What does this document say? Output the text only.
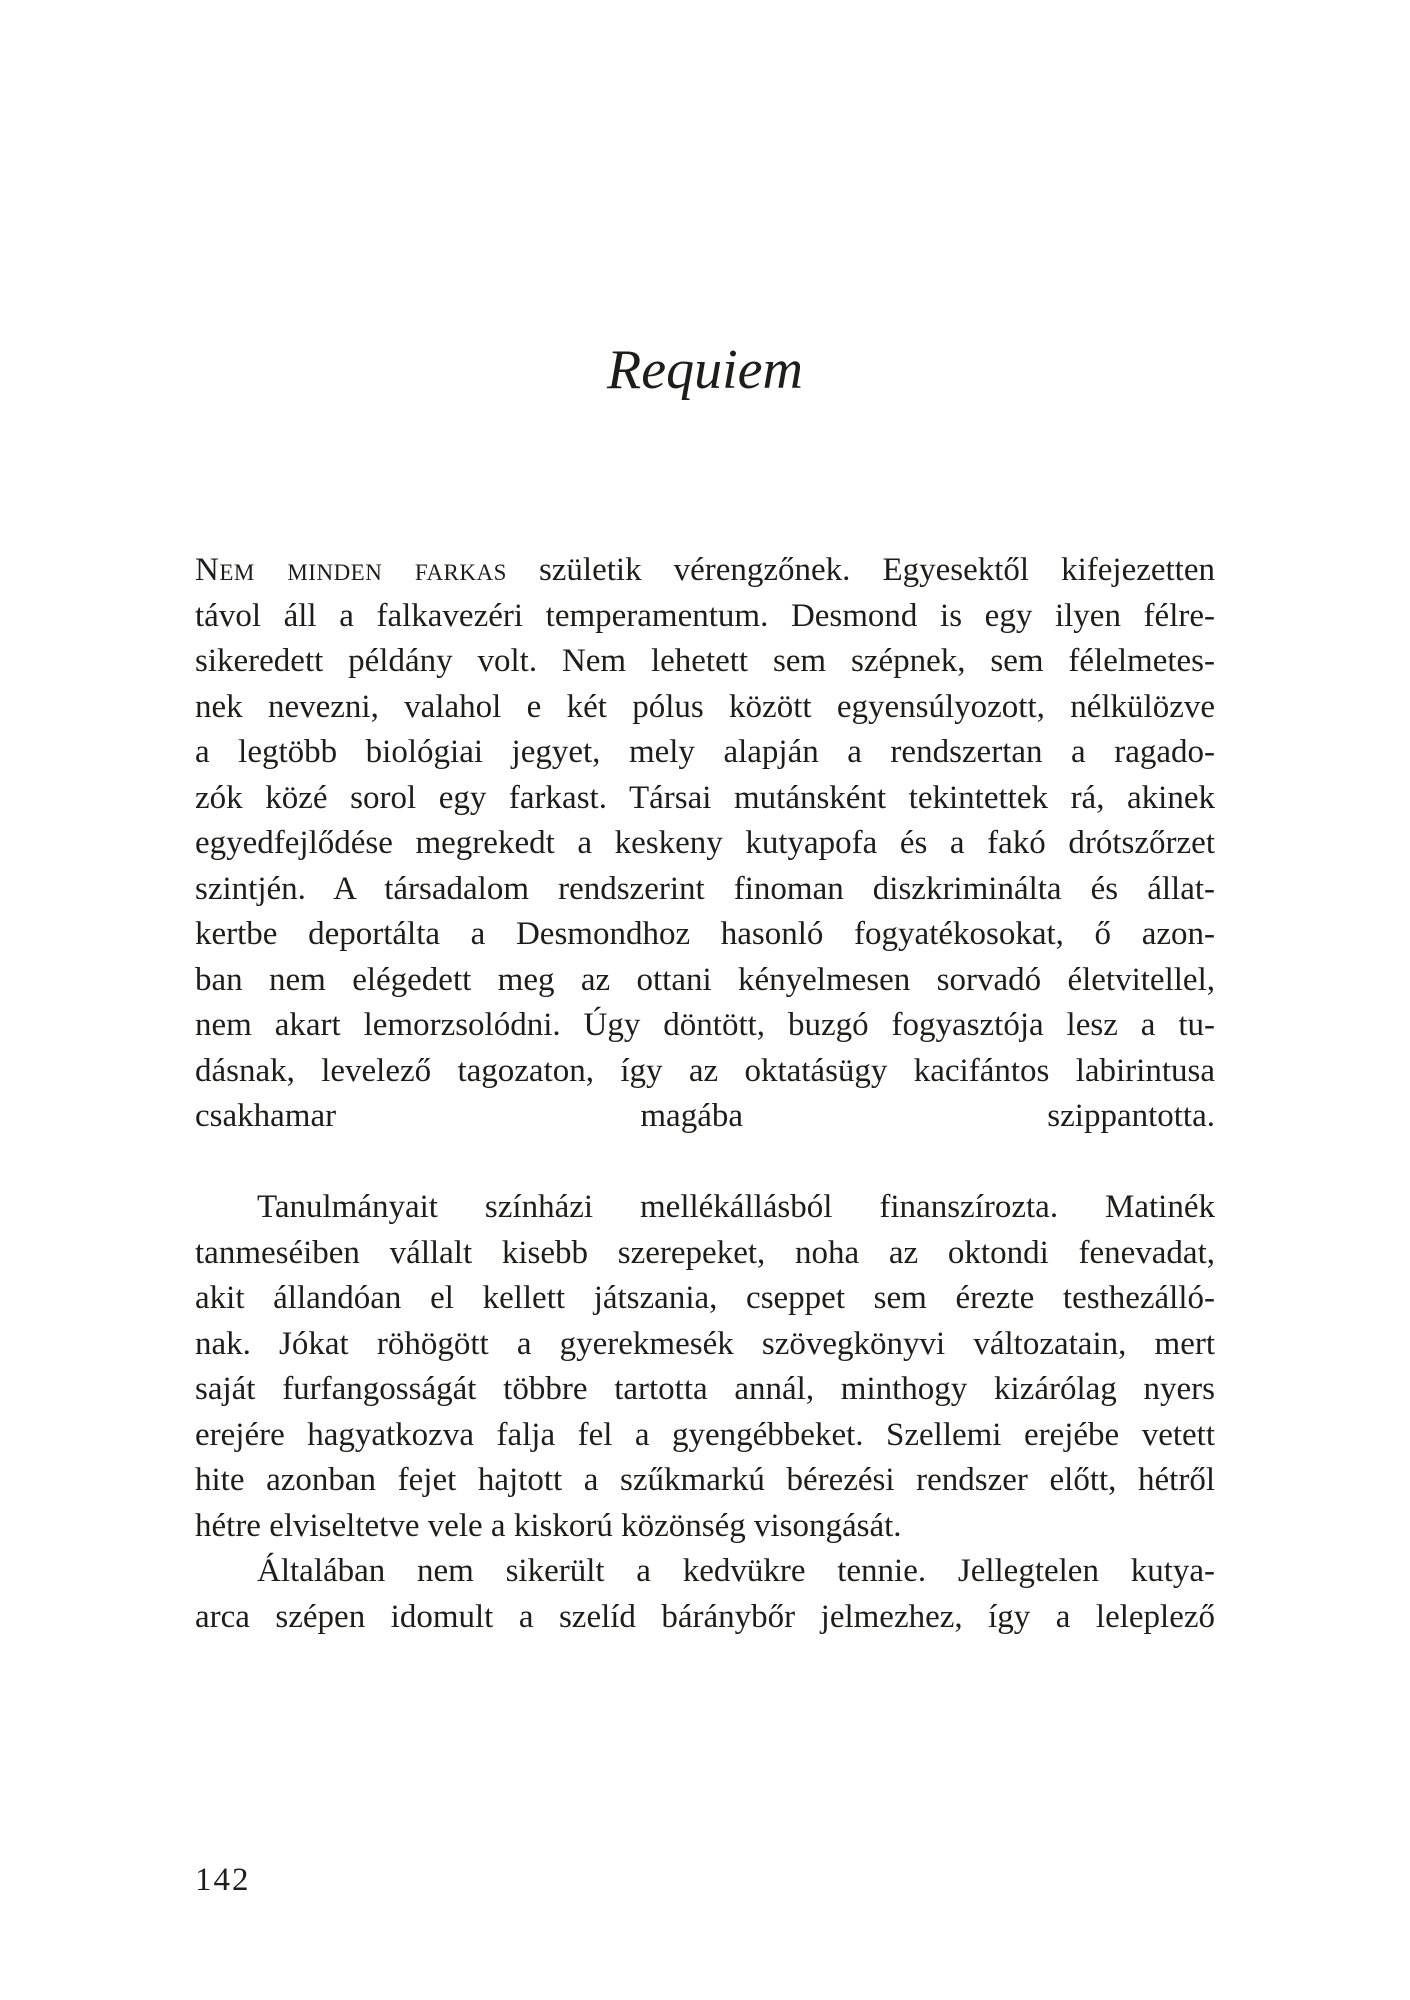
Requiem
Nem minden farkas születik vérengzőnek. Egyesektől kifejezetten
távol áll a falkavezéri temperamentum. Desmond is egy ilyen félre-
sikeredett példány volt. Nem lehetett sem szépnek, sem félelmetes-
nek nevezni, valahol e két pólus között egyensúlyozott, nélkülözve
a legtöbb biológiai jegyet, mely alapján a rendszertan a ragado-
zók közé sorol egy farkast. Társai mutánsként tekintettek rá, akinek
egyedfejlődése megrekedt a keskeny kutyapofa és a fakó drótszőrzet
szintjén. A társadalom rendszerint finoman diszkriminálta és állat-
kertbe deportálta a Desmondhoz hasonló fogyatékosokat, ő azon-
ban nem elégedett meg az ottani kényelmesen sorvadó életvitellel,
nem akart lemorzsolódni. Úgy döntött, buzgó fogyasztója lesz a tu-
dásnak, levelező tagozaton, így az oktatásügy kacifántos labirintusa
csakhamar magába szippantotta.
Tanulmányait színházi mellékállásból finanszírozta. Matinék
tanmeséiben vállalt kisebb szerepeket, noha az oktondi fenevadat,
akit állandóan el kellett játszania, cseppet sem érezte testhezálló-
nak. Jókat röhögött a gyerekmesék szövegkönyvi változatain, mert
saját furfangosságát többre tartotta annál, minthogy kizárólag nyers
erejére hagyatkozva falja fel a gyengébbeket. Szellemi erejébe vetett
hite azonban fejet hajtott a szűkmarkú bérezési rendszer előtt, hétről
hétre elviseltetve vele a kiskorú közönség visongását.
Általában nem sikerült a kedvükre tennie. Jellegtelen kutya-
arca szépen idomult a szelíd báránybőr jelmezhez, így a leleplező
142
